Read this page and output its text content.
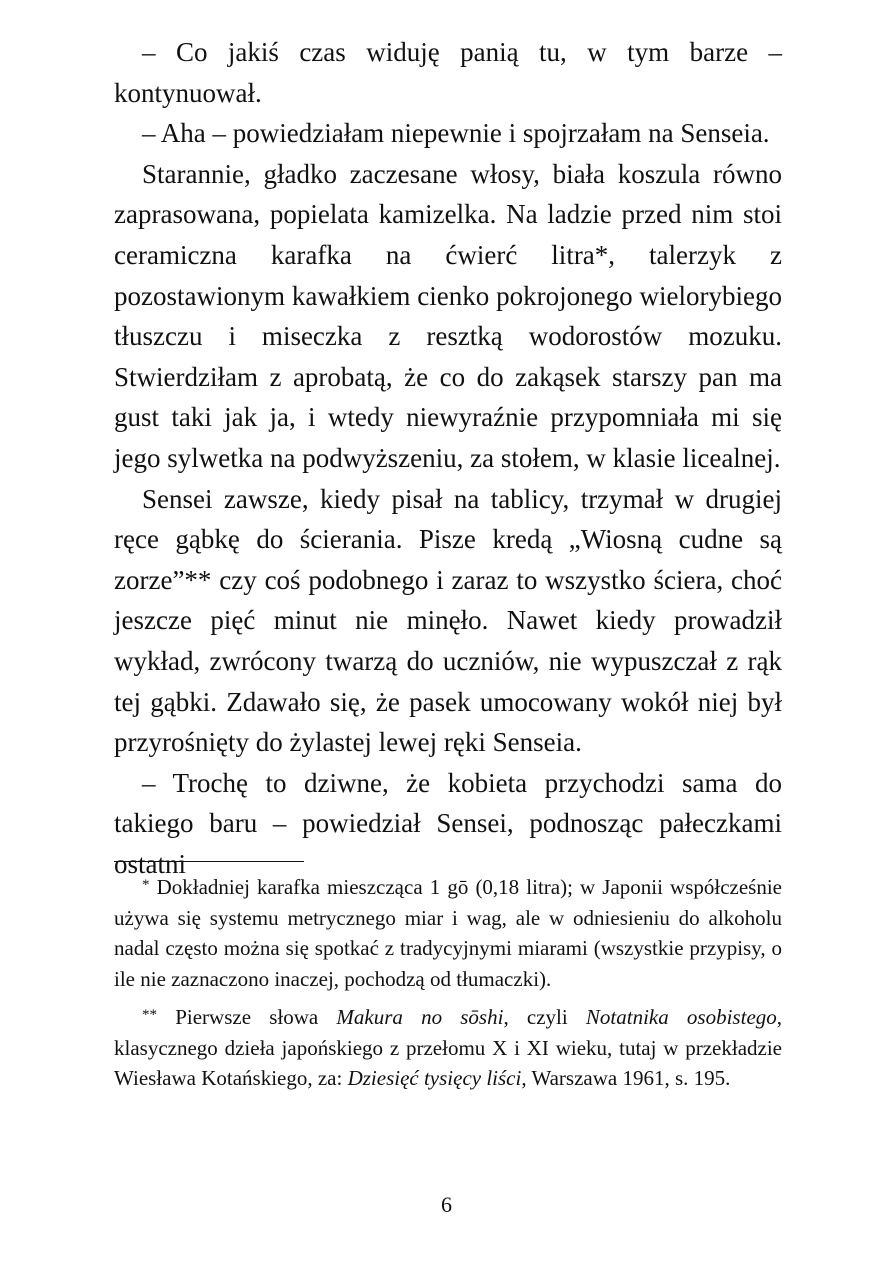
– Co jakiś czas widuję panią tu, w tym barze – kontynuował.

– Aha – powiedziałam niepewnie i spojrzałam na Senseia.

Starannie, gładko zaczesane włosy, biała koszula równo zaprasowana, popielata kamizelka. Na ladzie przed nim stoi ceramiczna karafka na ćwierć litra*, talerzyk z pozostawionym kawałkiem cienko pokrojonego wielorybiego tłuszczu i miseczka z resztką wodorostów mozuku. Stwierdziłam z aprobatą, że co do zakąsek starszy pan ma gust taki jak ja, i wtedy niewyraźnie przypomniała mi się jego sylwetka na podwyższeniu, za stołem, w klasie licealnej.

Sensei zawsze, kiedy pisał na tablicy, trzymał w drugiej ręce gąbkę do ścierania. Pisze kredą „Wiosną cudne są zorze”** czy coś podobnego i zaraz to wszystko ściera, choć jeszcze pięć minut nie minęło. Nawet kiedy prowadził wykład, zwrócony twarzą do uczniów, nie wypuszczał z rąk tej gąbki. Zdawało się, że pasek umocowany wokół niej był przyrośnięty do żylastej lewej ręki Senseia.

– Trochę to dziwne, że kobieta przychodzi sama do takiego baru – powiedział Sensei, podnosząc pałeczkami ostatni

* Dokładniej karafka mieszcząca 1 gō (0,18 litra); w Japonii współcześnie używa się systemu metrycznego miar i wag, ale w odniesieniu do alkoholu nadal często można się spotkać z tradycyjnymi miarami (wszystkie przypisy, o ile nie zaznaczono inaczej, pochodzą od tłumaczki).

** Pierwsze słowa Makura no sōshi, czyli Notatnika osobistego, klasycznego dzieła japońskiego z przełomu X i XI wieku, tutaj w przekładzie Wiesława Kotańskiego, za: Dziesięć tysięcy liści, Warszawa 1961, s. 195.

6
